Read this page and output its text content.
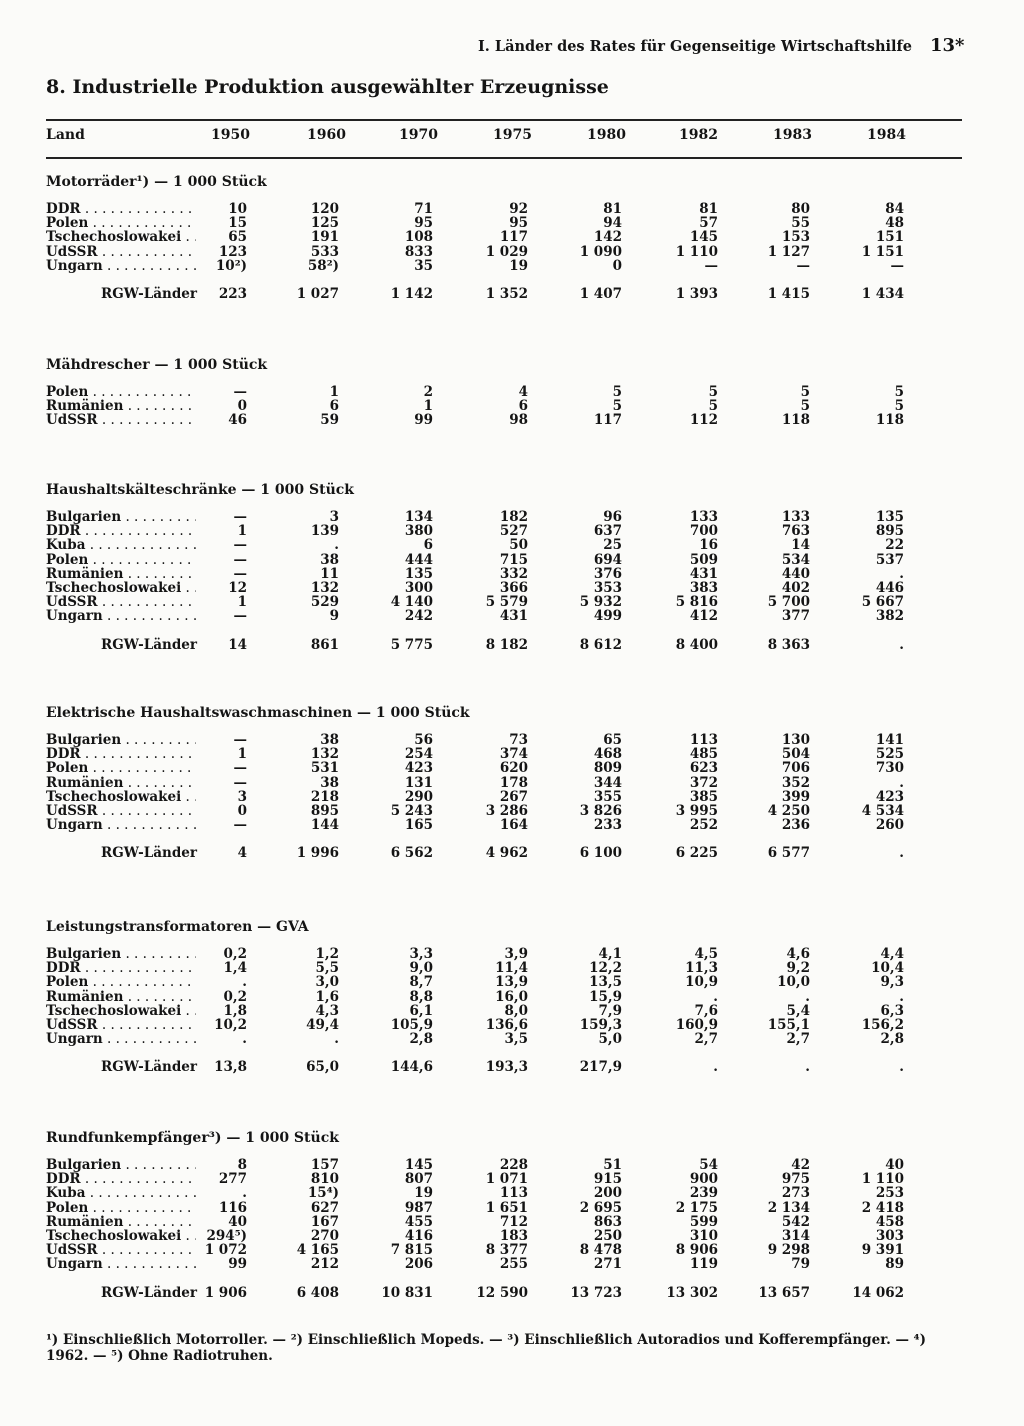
I. Länder des Rates für Gegenseitige Wirtschaftshilfe 13*
8. Industrielle Produktion ausgewählter Erzeugnisse
Land	1950	1960	1970	1975	1980	1982	1983	1984
Motorräder¹) — 1 000 Stück
DDR . . .	10	120	71	92	81	81	80	84
Polen . . .	15	125	95	95	94	57	55	48
Tschechoslowakei . . .	65	191	108	117	142	145	153	151
UdSSR . . .	123	533	833	1 029	1 090	1 110	1 127	1 151
Ungarn . . .	10²)	58²)	35	19	0	—	—	—
RGW-Länder	223	1 027	1 142	1 352	1 407	1 393	1 415	1 434
Mähdrescher — 1 000 Stück
Polen . . .	—	1	2	4	5	5	5	5
Rumänien . . .	0	6	1	6	5	5	5	5
UdSSR . . .	46	59	99	98	117	112	118	118
Haushaltskälteschränke — 1 000 Stück
Bulgarien . . .	—	3	134	182	96	133	133	135
DDR . . .	1	139	380	527	637	700	763	895
Kuba . . .	—	.	6	50	25	16	14	22
Polen . . .	—	38	444	715	694	509	534	537
Rumänien . . .	—	11	135	332	376	431	440	.
Tschechoslowakei . . .	12	132	300	366	353	383	402	446
UdSSR . . .	1	529	4 140	5 579	5 932	5 816	5 700	5 667
Ungarn . . .	—	9	242	431	499	412	377	382
RGW-Länder	14	861	5 775	8 182	8 612	8 400	8 363	.
Elektrische Haushaltswaschmaschinen — 1 000 Stück
Bulgarien . . .	—	38	56	73	65	113	130	141
DDR . . .	1	132	254	374	468	485	504	525
Polen . . .	—	531	423	620	809	623	706	730
Rumänien . . .	—	38	131	178	344	372	352	.
Tschechoslowakei . . .	3	218	290	267	355	385	399	423
UdSSR . . .	0	895	5 243	3 286	3 826	3 995	4 250	4 534
Ungarn . . .	—	144	165	164	233	252	236	260
RGW-Länder	4	1 996	6 562	4 962	6 100	6 225	6 577	.
Leistungstransformatoren — GVA
Bulgarien . . .	0,2	1,2	3,3	3,9	4,1	4,5	4,6	4,4
DDR . . .	1,4	5,5	9,0	11,4	12,2	11,3	9,2	10,4
Polen . . .	.	3,0	8,7	13,9	13,5	10,9	10,0	9,3
Rumänien . . .	0,2	1,6	8,8	16,0	15,9	.	.	.
Tschechoslowakei . . .	1,8	4,3	6,1	8,0	7,9	7,6	5,4	6,3
UdSSR . . .	10,2	49,4	105,9	136,6	159,3	160,9	155,1	156,2
Ungarn . . .	.	.	2,8	3,5	5,0	2,7	2,7	2,8
RGW-Länder	13,8	65,0	144,6	193,3	217,9	.	.	.
Rundfunkempfänger³) — 1 000 Stück
Bulgarien . . .	8	157	145	228	51	54	42	40
DDR . . .	277	810	807	1 071	915	900	975	1 110
Kuba . . .	.	15⁴)	19	113	200	239	273	253
Polen . . .	116	627	987	1 651	2 695	2 175	2 134	2 418
Rumänien . . .	40	167	455	712	863	599	542	458
Tschechoslowakei . . .	294⁵)	270	416	183	250	310	314	303
UdSSR . . .	1 072	4 165	7 815	8 377	8 478	8 906	9 298	9 391
Ungarn . . .	99	212	206	255	271	119	79	89
RGW-Länder 1 906	6 408	10 831	12 590	13 723	13 302	13 657	14 062
¹) Einschließlich Motorroller. — ²) Einschließlich Mopeds. — ³) Einschließlich Autoradios und Kofferempfänger. — ⁴) 1962. — ⁵) Ohne Radiotruhen.
